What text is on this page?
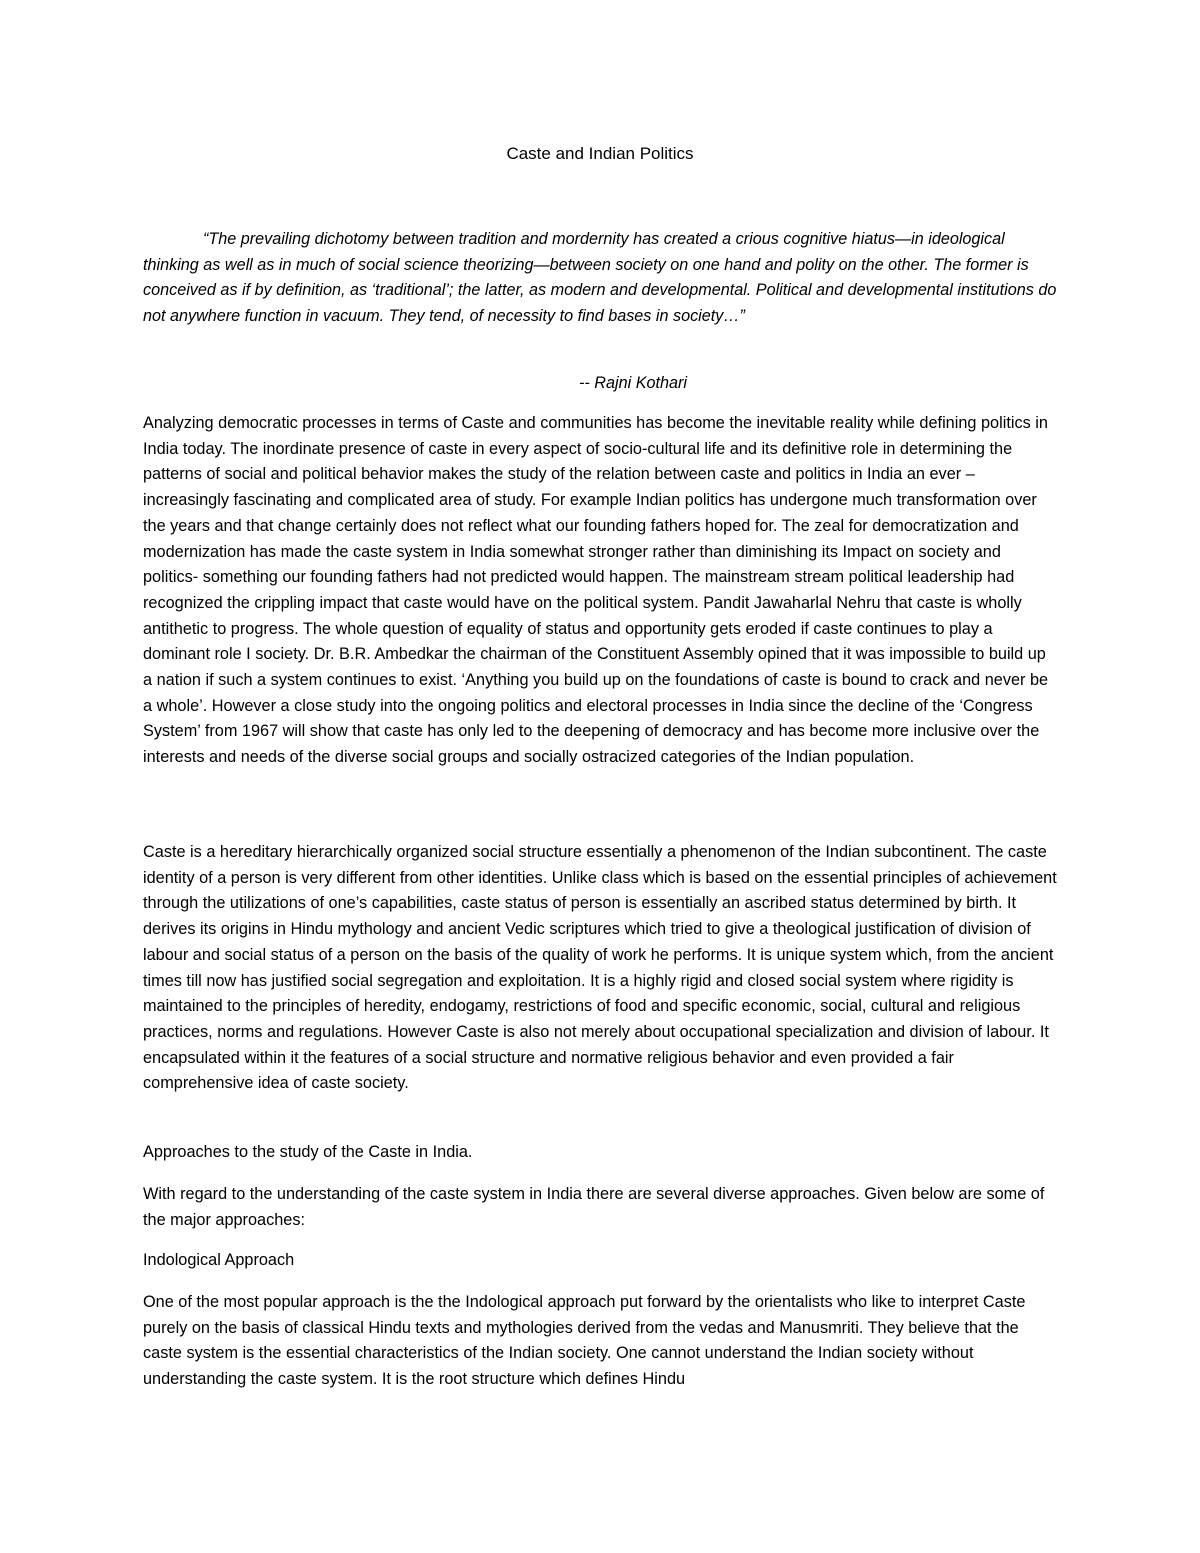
Caste and Indian Politics

“The prevailing dichotomy between tradition and mordernity has created a crious cognitive hiatus—in ideological thinking as well as in much of social science theorizing—between society on one hand and polity on the other. The former is conceived as if by definition, as ‘traditional’; the latter, as modern and developmental. Political and developmental institutions do not anywhere function in vacuum. They tend, of necessity to find bases in society…”

-- Rajni Kothari

Analyzing democratic processes in terms of Caste and communities has become the inevitable reality while defining politics in India today. The inordinate presence of caste in every aspect of socio-cultural life and its definitive role in determining the patterns of social and political behavior makes the study of the relation between caste and politics in India an ever –increasingly fascinating and complicated area of study. For example Indian politics has undergone much transformation over the years and that change certainly does not reflect what our founding fathers hoped for. The zeal for democratization and modernization has made the caste system in India somewhat stronger rather than diminishing its Impact on society and politics- something our founding fathers had not predicted would happen. The mainstream stream political leadership had recognized the crippling impact that caste would have on the political system. Pandit Jawaharlal Nehru that caste is wholly antithetic to progress. The whole question of equality of status and opportunity gets eroded if caste continues to play a dominant role I society. Dr. B.R. Ambedkar the chairman of the Constituent Assembly opined that it was impossible to build up a nation if such a system continues to exist. ‘Anything you build up on the foundations of caste is bound to crack and never be a whole’. However a close study into the ongoing politics and electoral processes in India since the decline of the ‘Congress System’ from 1967 will show that caste has only led to the deepening of democracy and has become more inclusive over the interests and needs of the diverse social groups and socially ostracized categories of the Indian population.

Caste is a hereditary hierarchically organized social structure essentially a phenomenon of the Indian subcontinent. The caste identity of a person is very different from other identities. Unlike class which is based on the essential principles of achievement through the utilizations of one’s capabilities, caste status of person is essentially an ascribed status determined by birth. It derives its origins in Hindu mythology and ancient Vedic scriptures which tried to give a theological justification of division of labour and social status of a person on the basis of the quality of work he performs. It is unique system which, from the ancient times till now has justified social segregation and exploitation. It is a highly rigid and closed social system where rigidity is maintained to the principles of heredity, endogamy, restrictions of food and specific economic, social, cultural and religious practices, norms and regulations. However Caste is also not merely about occupational specialization and division of labour. It encapsulated within it the features of a social structure and normative religious behavior and even provided a fair comprehensive idea of caste society.

Approaches to the study of the Caste in India.

With regard to the understanding of the caste system in India there are several diverse approaches. Given below are some of the major approaches:

Indological Approach

One of the most popular approach is the the Indological approach put forward by the orientalists who like to interpret Caste purely on the basis of classical Hindu texts and mythologies derived from the vedas and Manusmriti. They believe that the caste system is the essential characteristics of the Indian society. One cannot understand the Indian society without understanding the caste system. It is the root structure which defines Hindu
